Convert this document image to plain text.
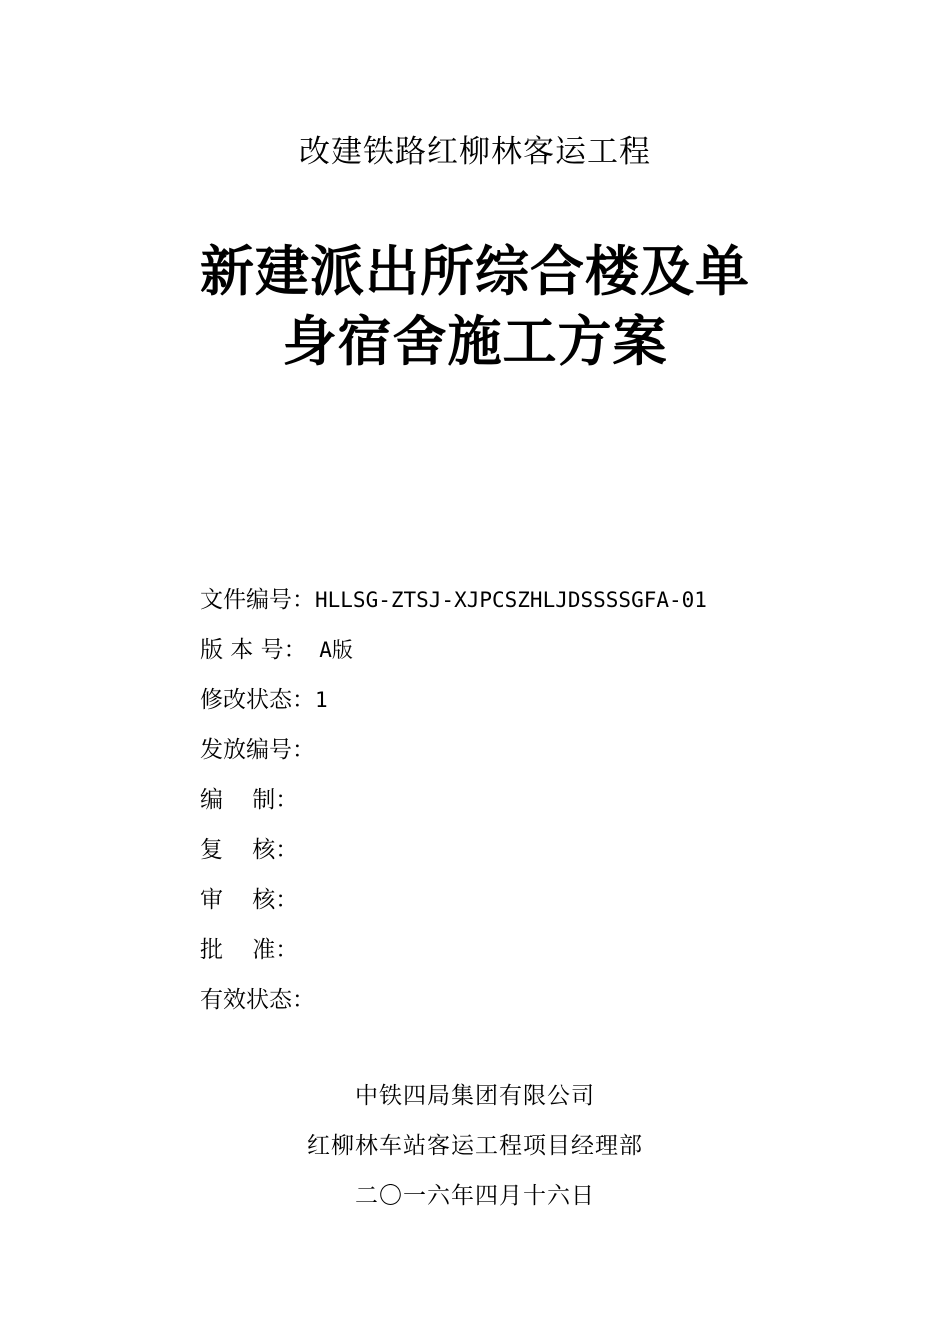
改建铁路红柳林客运工程
新建派出所综合楼及单
身宿舍施工方案
文件编号：HLLSG-ZTSJ-XJPCSZHLJDSSSSGFA-01
版 本 号： A版
修改状态：1
发放编号：
编    制：
复    核：
审    核：
批    准：
有效状态：
中铁四局集团有限公司
红柳林车站客运工程项目经理部
二〇一六年四月十六日
